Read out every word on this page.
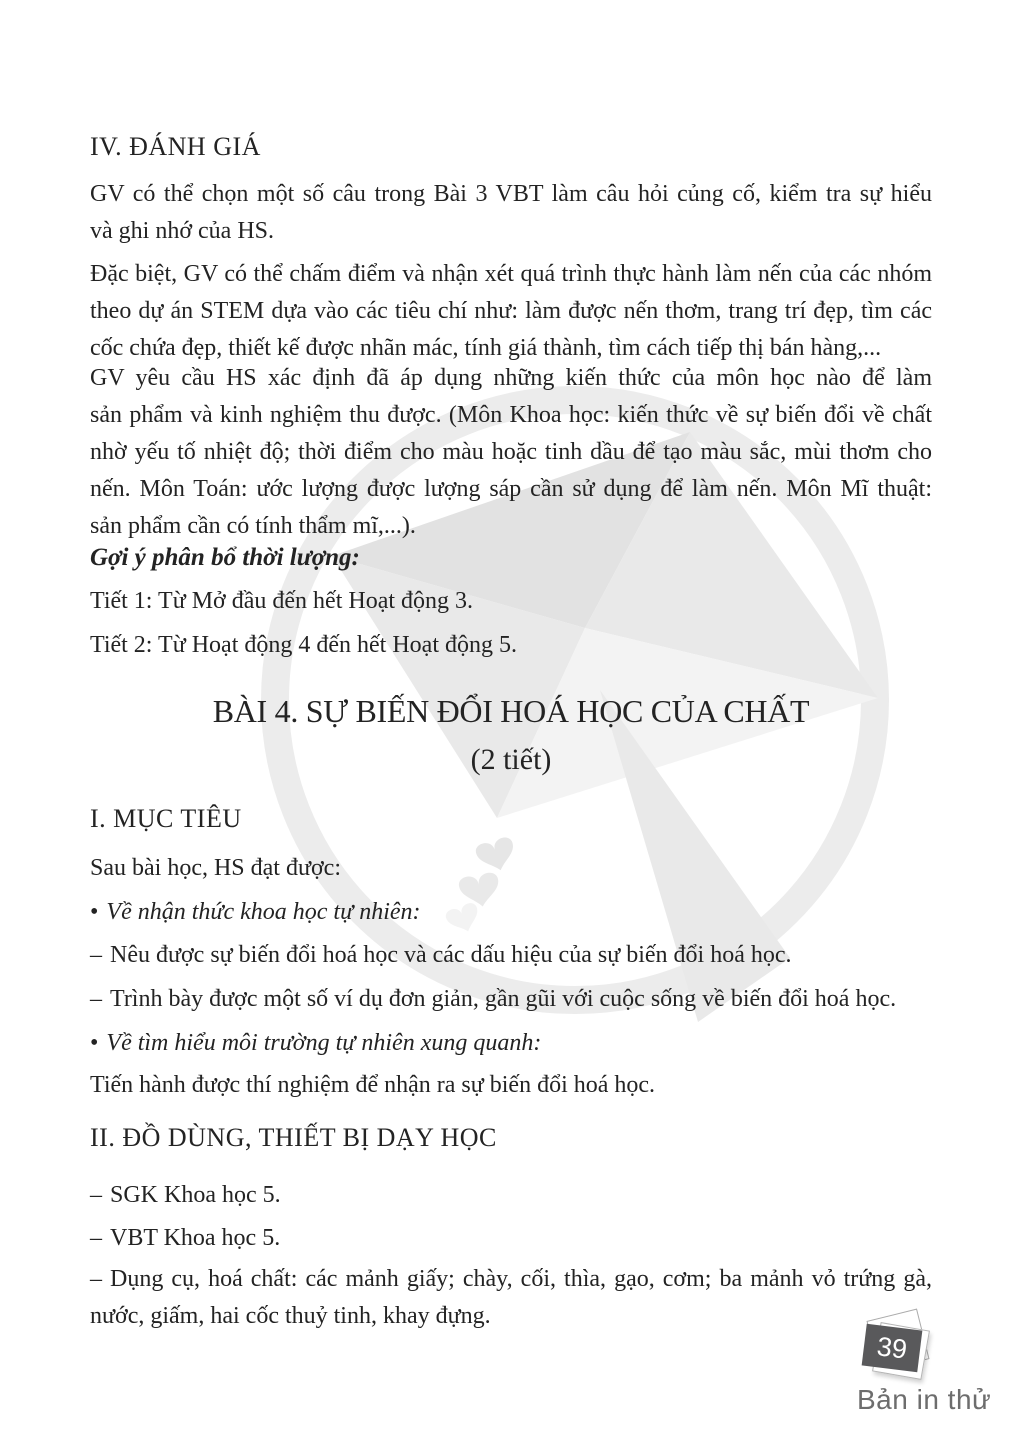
IV. ĐÁNH GIÁ
GV có thể chọn một số câu trong Bài 3 VBT làm câu hỏi củng cố, kiểm tra sự hiểu
và ghi nhớ của HS.
Đặc biệt, GV có thể chấm điểm và nhận xét quá trình thực hành làm nến của các nhóm
theo dự án STEM dựa vào các tiêu chí như: làm được nến thơm, trang trí đẹp, tìm các
cốc chứa đẹp, thiết kế được nhãn mác, tính giá thành, tìm cách tiếp thị bán hàng,...
GV yêu cầu HS xác định đã áp dụng những kiến thức của môn học nào để làm
sản phẩm và kinh nghiệm thu được. (Môn Khoa học: kiến thức về sự biến đổi về chất
nhờ yếu tố nhiệt độ; thời điểm cho màu hoặc tinh dầu để tạo màu sắc, mùi thơm cho
nến. Môn Toán: ước lượng được lượng sáp cần sử dụng để làm nến. Môn Mĩ thuật:
sản phẩm cần có tính thẩm mĩ,...).
Gợi ý phân bổ thời lượng:
Tiết 1: Từ Mở đầu đến hết Hoạt động 3.
Tiết 2: Từ Hoạt động 4 đến hết Hoạt động 5.
BÀI 4. SỰ BIẾN ĐỔI HOÁ HỌC CỦA CHẤT
(2 tiết)
I. MỤC TIÊU
Sau bài học, HS đạt được:
• Về nhận thức khoa học tự nhiên:
– Nêu được sự biến đổi hoá học và các dấu hiệu của sự biến đổi hoá học.
– Trình bày được một số ví dụ đơn giản, gần gũi với cuộc sống về biến đổi hoá học.
• Về tìm hiểu môi trường tự nhiên xung quanh:
Tiến hành được thí nghiệm để nhận ra sự biến đổi hoá học.
II. ĐỒ DÙNG, THIẾT BỊ DẠY HỌC
– SGK Khoa học 5.
– VBT Khoa học 5.
– Dụng cụ, hoá chất: các mảnh giấy; chày, cối, thìa, gạo, cơm; ba mảnh vỏ trứng gà,
nước, giấm, hai cốc thuỷ tinh, khay đựng.
39
Bản in thử
